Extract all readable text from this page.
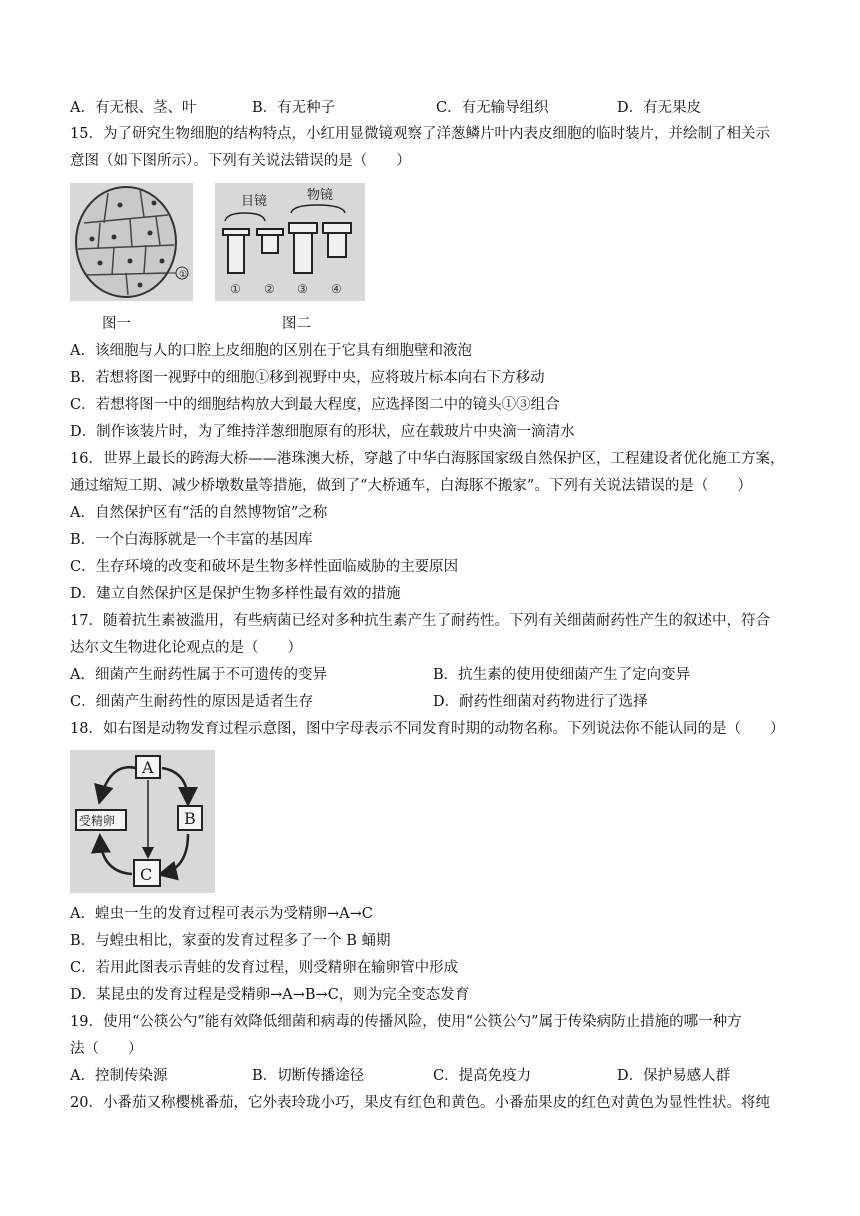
A．有无根、茎、叶	B．有无种子	C．有无输导组织	D．有无果皮
15．为了研究生物细胞的结构特点，小红用显微镜观察了洋葱鳞片叶内表皮细胞的临时装片，并绘制了相关示
意图（如下图所示）。下列有关说法错误的是（　　）
①
目镜	物镜
① ② ③ ④
图一	图二
A．该细胞与人的口腔上皮细胞的区别在于它具有细胞壁和液泡
B．若想将图一视野中的细胞①移到视野中央，应将玻片标本向右下方移动
C．若想将图一中的细胞结构放大到最大程度，应选择图二中的镜头①③组合
D．制作该装片时，为了维持洋葱细胞原有的形状，应在载玻片中央滴一滴清水
16．世界上最长的跨海大桥——港珠澳大桥，穿越了中华白海豚国家级自然保护区，工程建设者优化施工方案，
通过缩短工期、减少桥墩数量等措施，做到了“大桥通车，白海豚不搬家”。下列有关说法错误的是（　　）
A．自然保护区有“活的自然博物馆”之称
B．一个白海豚就是一个丰富的基因库
C．生存环境的改变和破坏是生物多样性面临威胁的主要原因
D．建立自然保护区是保护生物多样性最有效的措施
17．随着抗生素被滥用，有些病菌已经对多种抗生素产生了耐药性。下列有关细菌耐药性产生的叙述中，符合
达尔文生物进化论观点的是（　　）
A．细菌产生耐药性属于不可遗传的变异	B．抗生素的使用使细菌产生了定向变异
C．细菌产生耐药性的原因是适者生存	D．耐药性细菌对药物进行了选择
18．如右图是动物发育过程示意图，图中字母表示不同发育时期的动物名称。下列说法你不能认同的是（　　）
A
B
C
受精卵
A．蝗虫一生的发育过程可表示为受精卵→A→C
B．与蝗虫相比，家蚕的发育过程多了一个 B 蛹期
C．若用此图表示青蛙的发育过程，则受精卵在输卵管中形成
D．某昆虫的发育过程是受精卵→A→B→C，则为完全变态发育
19．使用“公筷公勺”能有效降低细菌和病毒的传播风险，使用“公筷公勺”属于传染病防止措施的哪一种方
法（　　）
A．控制传染源	B．切断传播途径	C．提高免疫力	D．保护易感人群
20．小番茄又称樱桃番茄，它外表玲珑小巧，果皮有红色和黄色。小番茄果皮的红色对黄色为显性性状。将纯
